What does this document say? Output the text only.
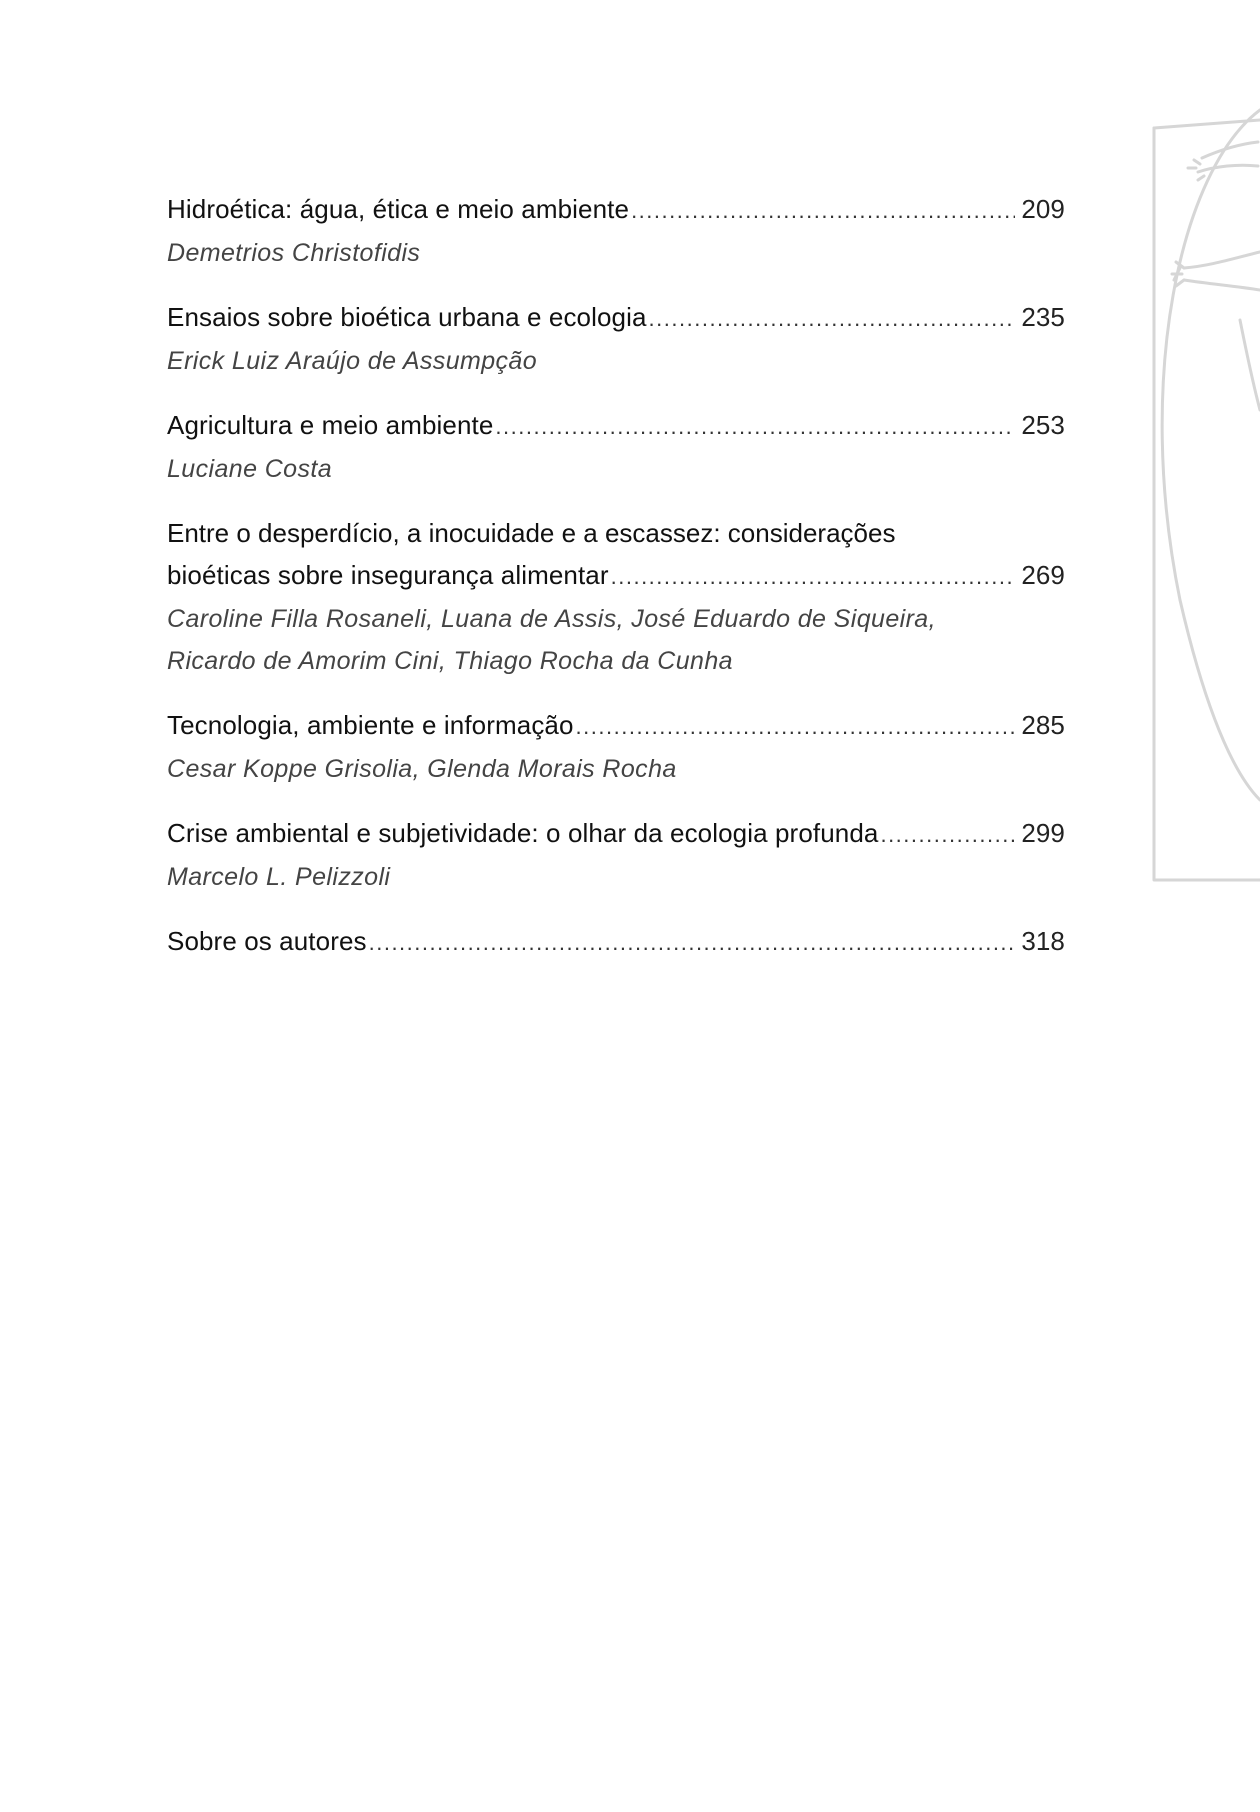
Hidroética: água, ética e meio ambiente .....	209
Demetrios Christofidis
Ensaios sobre bioética urbana e ecologia .....	235
Erick Luiz Araújo de Assumpção
Agricultura e meio ambiente .....	253
Luciane Costa
Entre o desperdício, a inocuidade e a escassez: considerações
bioéticas sobre insegurança alimentar .....	269
Caroline Filla Rosaneli, Luana de Assis, José Eduardo de Siqueira,
Ricardo de Amorim Cini, Thiago Rocha da Cunha
Tecnologia, ambiente e informação .....	285
Cesar Koppe Grisolia, Glenda Morais Rocha
Crise ambiental e subjetividade: o olhar da ecologia profunda .....	299
Marcelo L. Pelizzoli
Sobre os autores .....	318
